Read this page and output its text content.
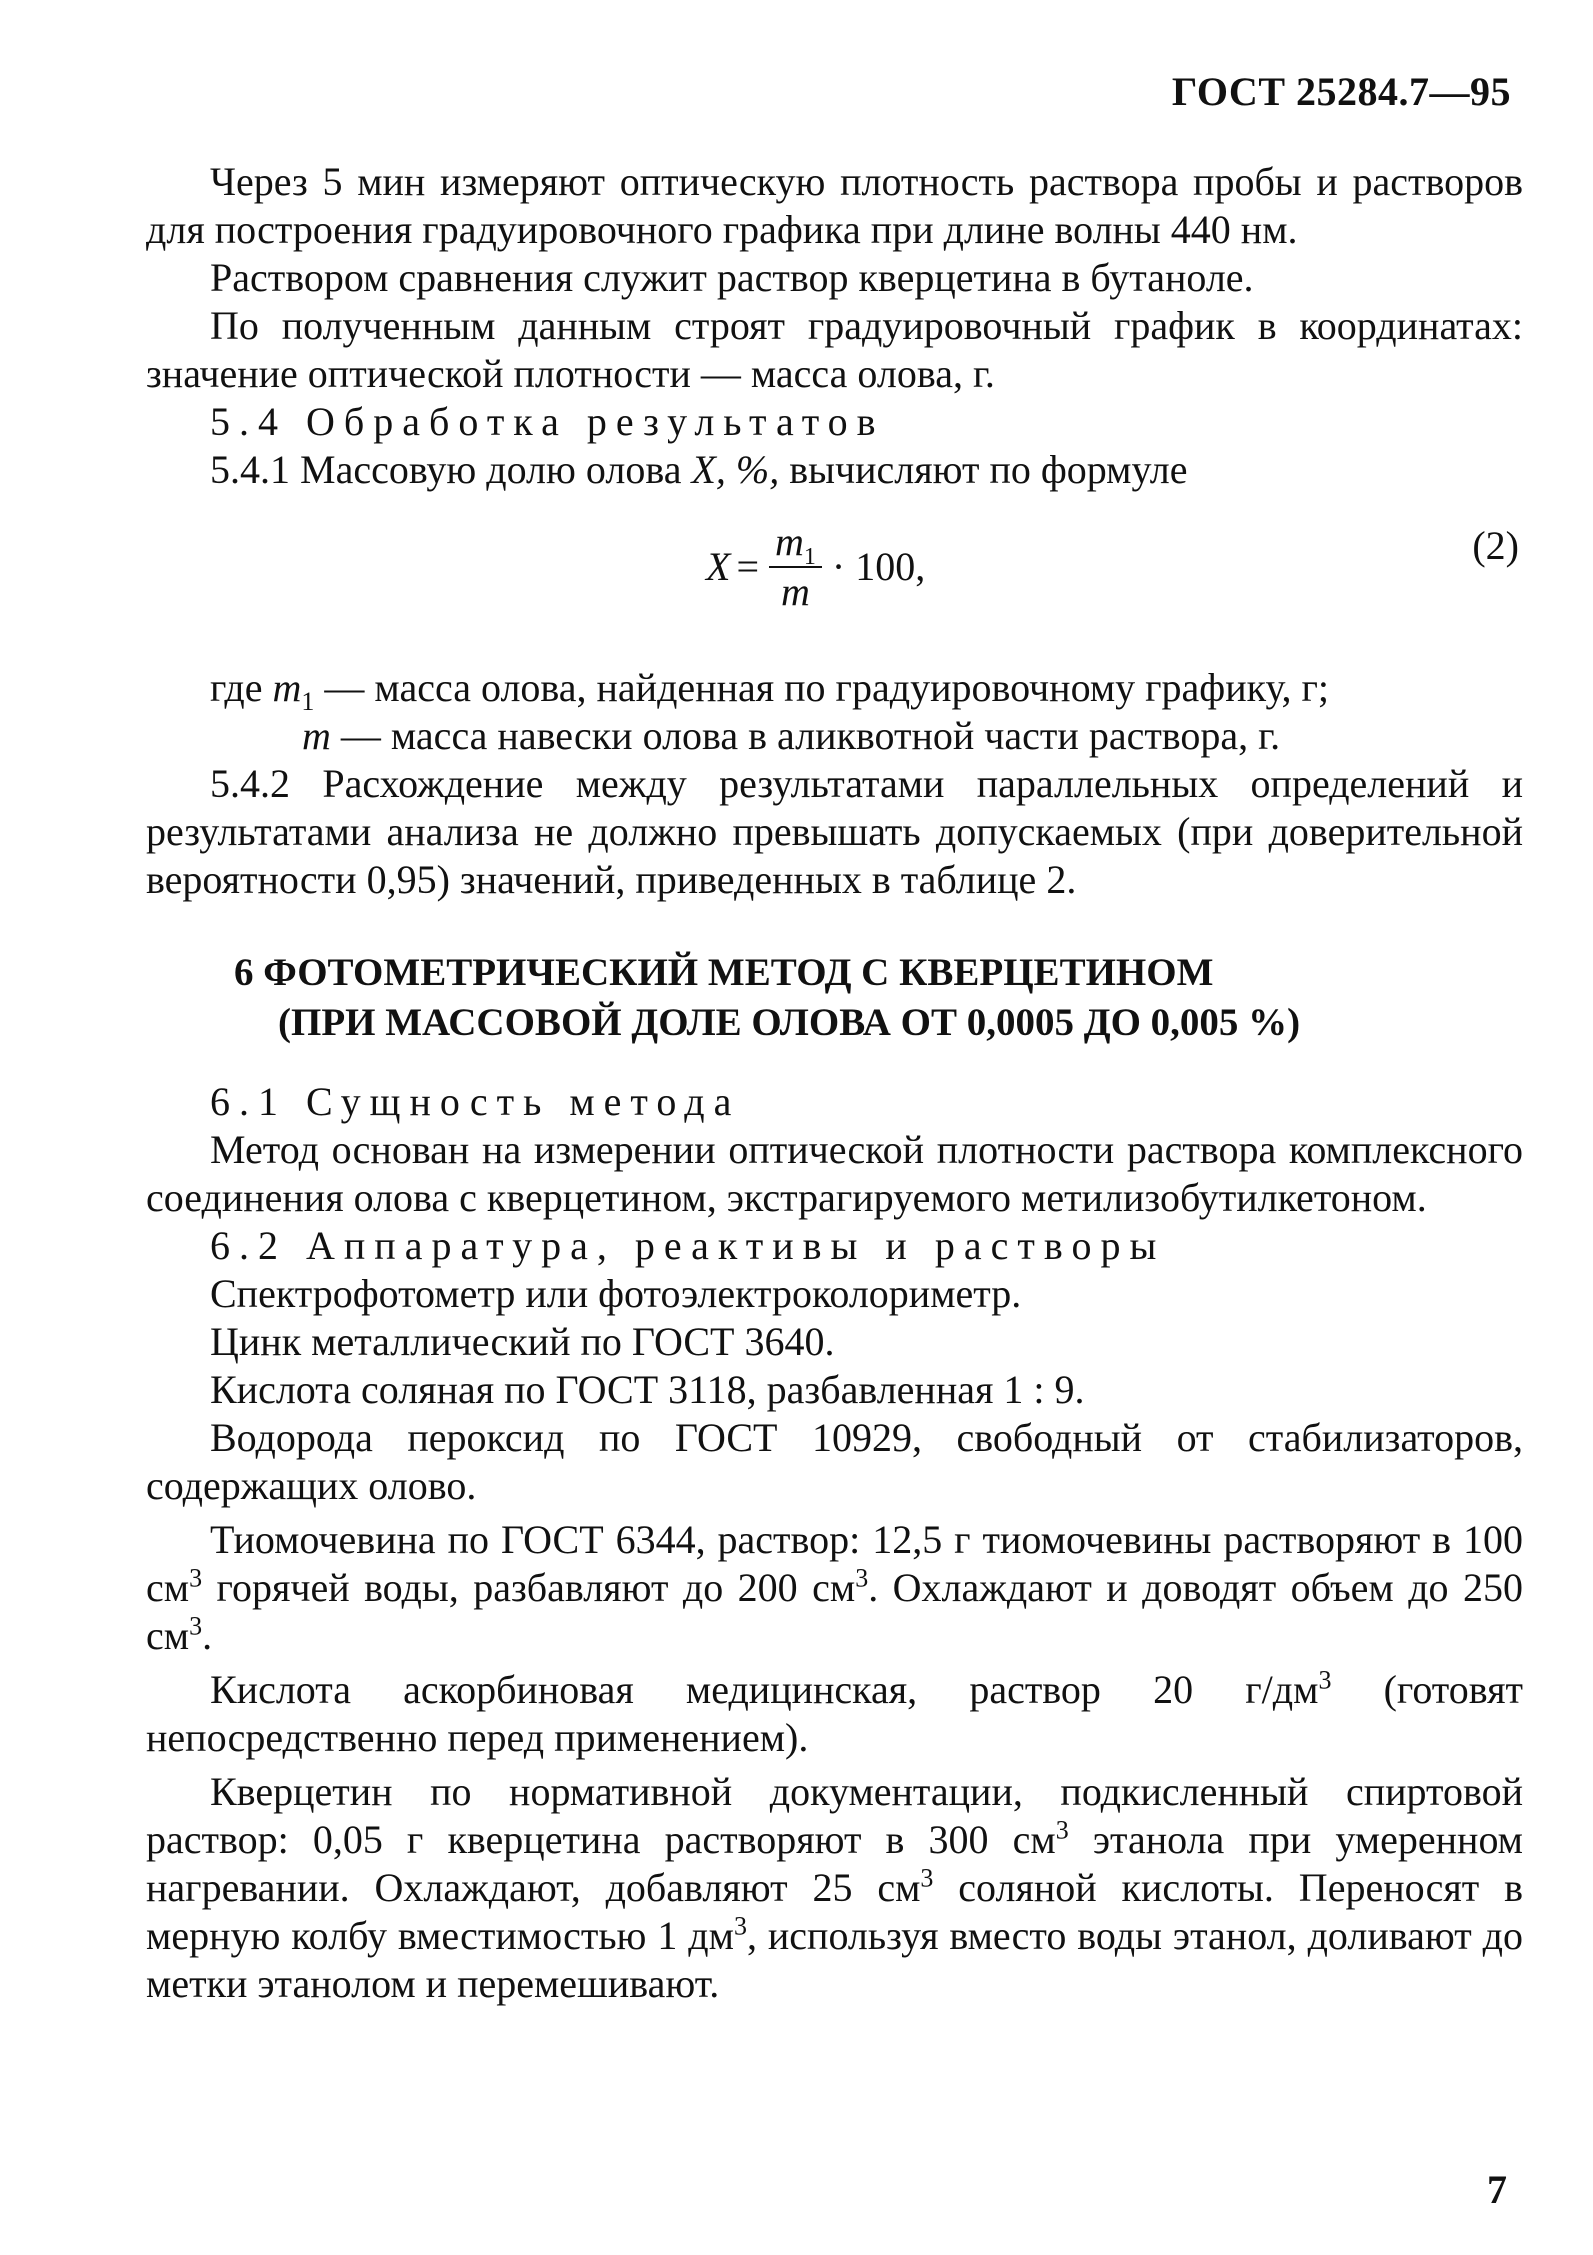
ГОСТ 25284.7—95

Через 5 мин измеряют оптическую плотность раствора пробы и растворов для построения градуировочного графика при длине волны 440 нм.

Раствором сравнения служит раствор кверцетина в бутаноле.

По полученным данным строят градуировочный график в координатах: значение оптической плотности — масса олова, г.

5.4 Обработка результатов

5.4.1 Массовую долю олова X, %, вычисляют по формуле

$X = \frac{m_1}{m} \cdot 100$,	(2)
где $m_1$ — масса олова, найденная по градуировочному графику, г;
m — масса навески олова в аликвотной части раствора, г.

5.4.2 Расхождение между результатами параллельных определений и результатами анализа не должно превышать допускаемых (при доверительной вероятности 0,95) значений, приведенных в таблице 2.

6 ФОТОМЕТРИЧЕСКИЙ МЕТОД С КВЕРЦЕТИНОМ
(ПРИ МАССОВОЙ ДОЛЕ ОЛОВА ОТ 0,0005 ДО 0,005 %)

6.1 Сущность метода

Метод основан на измерении оптической плотности раствора комплексного соединения олова с кверцетином, экстрагируемого метилизобутилкетоном.

6.2 Аппаратура, реактивы и растворы

Спектрофотометр или фотоэлектроколориметр.

Цинк металлический по ГОСТ 3640.

Кислота соляная по ГОСТ 3118, разбавленная 1 : 9.

Водорода пероксид по ГОСТ 10929, свободный от стабилизаторов, содержащих олово.

Тиомочевина по ГОСТ 6344, раствор: 12,5 г тиомочевины растворяют в 100 $см^3$ горячей воды, разбавляют до 200 $см^3$. Охлаждают и доводят объем до 250 $см^3$.

Кислота аскорбиновая медицинская, раствор 20 $г/дм^3$ (готовят непосредственно перед применением).

Кверцетин по нормативной документации, подкисленный спиртовой раствор: 0,05 г кверцетина растворяют в 300 $см^3$ этанола при умеренном нагревании. Охлаждают, добавляют 25 $см^3$ соляной кислоты. Переносят в мерную колбу вместимостью 1 $дм^3$, используя вместо воды этанол, доливают до метки этанолом и перемешивают.

7
